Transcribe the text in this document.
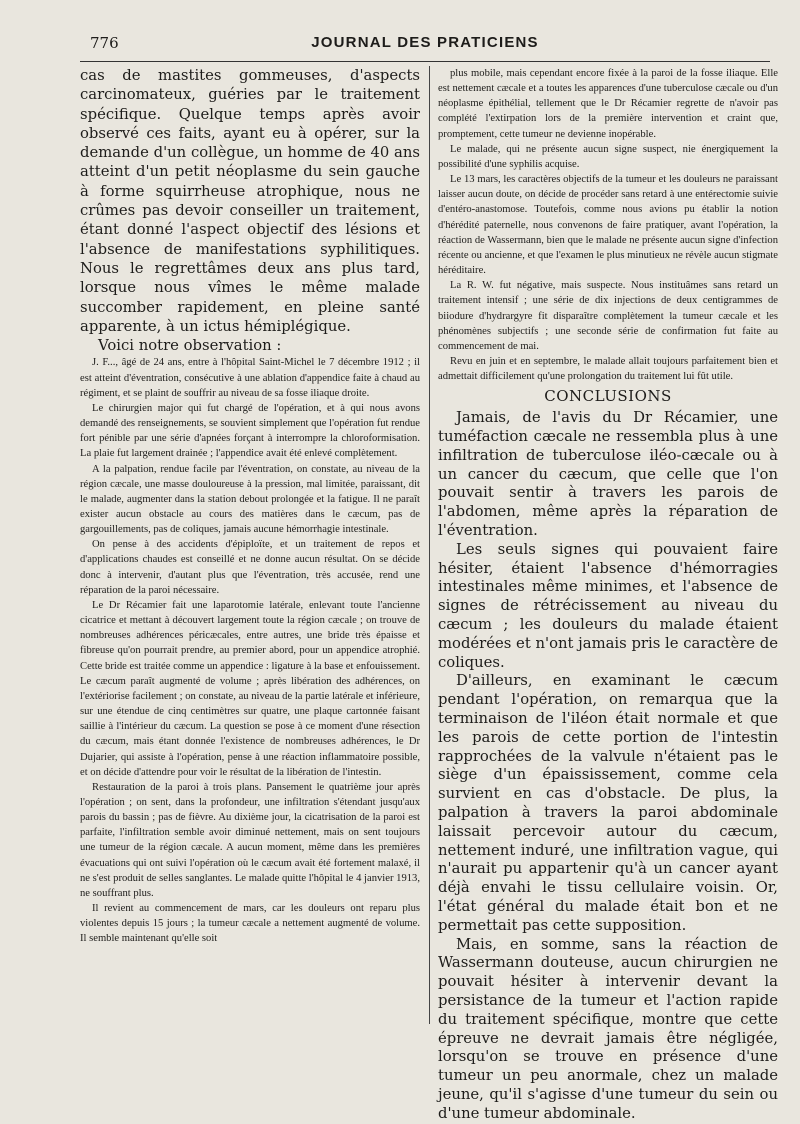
776	JOURNAL DES PRATICIENS

cas de mastites gommeuses, d'aspects carcinomateux, guéries par le traitement spécifique. Quelque temps après avoir observé ces faits, ayant eu à opérer, sur la demande d'un collègue, un homme de 40 ans atteint d'un petit néoplasme du sein gauche à forme squirrheuse atrophique, nous ne crûmes pas devoir conseiller un traitement, étant donné l'aspect objectif des lésions et l'absence de manifestations syphilitiques. Nous le regrettâmes deux ans plus tard, lorsque nous vîmes le même malade succomber rapidement, en pleine santé apparente, à un ictus hémiplégique.

Voici notre observation :

J. F..., âgé de 24 ans, entre à l'hôpital Saint-Michel le 7 décembre 1912 ; il est atteint d'éventration, consécutive à une ablation d'appendice faite à chaud au régiment, et se plaint de souffrir au niveau de sa fosse iliaque droite.

Le chirurgien major qui fut chargé de l'opération, et à qui nous avons demandé des renseignements, se souvient simplement que l'opération fut rendue fort pénible par une série d'apnées forçant à interrompre la chloroformisation. La plaie fut largement drainée ; l'appendice avait été enlevé complètement.

A la palpation, rendue facile par l'éventration, on constate, au niveau de la région cæcale, une masse douloureuse à la pression, mal limitée, paraissant, dit le malade, augmenter dans la station debout prolongée et la fatigue. Il ne paraît exister aucun obstacle au cours des matières dans le cæcum, pas de gargouillements, pas de coliques, jamais aucune hémorrhagie intestinale.

On pense à des accidents d'épiploïte, et un traitement de repos et d'applications chaudes est conseillé et ne donne aucun résultat. On se décide donc à intervenir, d'autant plus que l'éventration, très accusée, rend une réparation de la paroi nécessaire.

Le Dr Récamier fait une laparotomie latérale, enlevant toute l'ancienne cicatrice et mettant à découvert largement toute la région cæcale ; on trouve de nombreuses adhérences péricæcales, entre autres, une bride très épaisse et fibreuse qu'on pourrait prendre, au premier abord, pour un appendice atrophié. Cette bride est traitée comme un appendice : ligature à la base et enfouissement. Le cæcum paraît augmenté de volume ; après libération des adhérences, on l'extériorise facilement ; on constate, au niveau de la partie latérale et inférieure, sur une étendue de cinq centimètres sur quatre, une plaque cartonnée faisant saillie à l'intérieur du cæcum. La question se pose à ce moment d'une résection du cæcum, mais étant donnée l'existence de nombreuses adhérences, le Dr Dujarier, qui assiste à l'opération, pense à une réaction inflammatoire possible, et on décide d'attendre pour voir le résultat de la libération de l'intestin.

Restauration de la paroi à trois plans. Pansement le quatrième jour après l'opération ; on sent, dans la profondeur, une infiltration s'étendant jusqu'aux parois du bassin ; pas de fièvre. Au dixième jour, la cicatrisation de la paroi est parfaite, l'infiltration semble avoir diminué nettement, mais on sent toujours une tumeur de la région cæcale. A aucun moment, même dans les premières évacuations qui ont suivi l'opération où le cæcum avait été fortement malaxé, il ne s'est produit de selles sanglantes. Le malade quitte l'hôpital le 4 janvier 1913, ne souffrant plus.

Il revient au commencement de mars, car les douleurs ont reparu plus violentes depuis 15 jours ; la tumeur cæcale a nettement augmenté de volume. Il semble maintenant qu'elle soit

plus mobile, mais cependant encore fixée à la paroi de la fosse iliaque. Elle est nettement cæcale et a toutes les apparences d'une tuberculose cæcale ou d'un néoplasme épithélial, tellement que le Dr Récamier regrette de n'avoir pas complété l'extirpation lors de la première intervention et craint que, promptement, cette tumeur ne devienne inopérable.

Le malade, qui ne présente aucun signe suspect, nie énergiquement la possibilité d'une syphilis acquise.

Le 13 mars, les caractères objectifs de la tumeur et les douleurs ne paraissant laisser aucun doute, on décide de procéder sans retard à une entérectomie suivie d'entéro-anastomose. Toutefois, comme nous avions pu établir la notion d'hérédité paternelle, nous convenons de faire pratiquer, avant l'opération, la réaction de Wassermann, bien que le malade ne présente aucun signe d'infection récente ou ancienne, et que l'examen le plus minutieux ne révèle aucun stigmate héréditaire.

La R. W. fut négative, mais suspecte. Nous instituâmes sans retard un traitement intensif ; une série de dix injections de deux centigrammes de biiodure d'hydrargyre fit disparaître complètement la tumeur cæcale et les phénomènes subjectifs ; une seconde série de confirmation fut faite au commencement de mai.

Revu en juin et en septembre, le malade allait toujours parfaitement bien et admettait difficilement qu'une prolongation du traitement lui fût utile.

CONCLUSIONS

Jamais, de l'avis du Dr Récamier, une tuméfaction cæcale ne ressembla plus à une infiltration de tuberculose iléo-cæcale ou à un cancer du cæcum, que celle que l'on pouvait sentir à travers les parois de l'abdomen, même après la réparation de l'éventration.

Les seuls signes qui pouvaient faire hésiter, étaient l'absence d'hémorragies intestinales même minimes, et l'absence de signes de rétrécissement au niveau du cæcum ; les douleurs du malade étaient modérées et n'ont jamais pris le caractère de coliques.

D'ailleurs, en examinant le cæcum pendant l'opération, on remarqua que la terminaison de l'iléon était normale et que les parois de cette portion de l'intestin rapprochées de la valvule n'étaient pas le siège d'un épaississement, comme cela survient en cas d'obstacle. De plus, la palpation à travers la paroi abdominale laissait percevoir autour du cæcum, nettement induré, une infiltration vague, qui n'aurait pu appartenir qu'à un cancer ayant déjà envahi le tissu cellulaire voisin. Or, l'état général du malade était bon et ne permettait pas cette supposition.

Mais, en somme, sans la réaction de Wassermann douteuse, aucun chirurgien ne pouvait hésiter à intervenir devant la persistance de la tumeur et l'action rapide du traitement spécifique, montre que cette épreuve ne devrait jamais être négligée, lorsqu'on se trouve en présence d'une tumeur un peu anormale, chez un malade jeune, qu'il s'agisse d'une tumeur du sein ou d'une tumeur abdominale.
